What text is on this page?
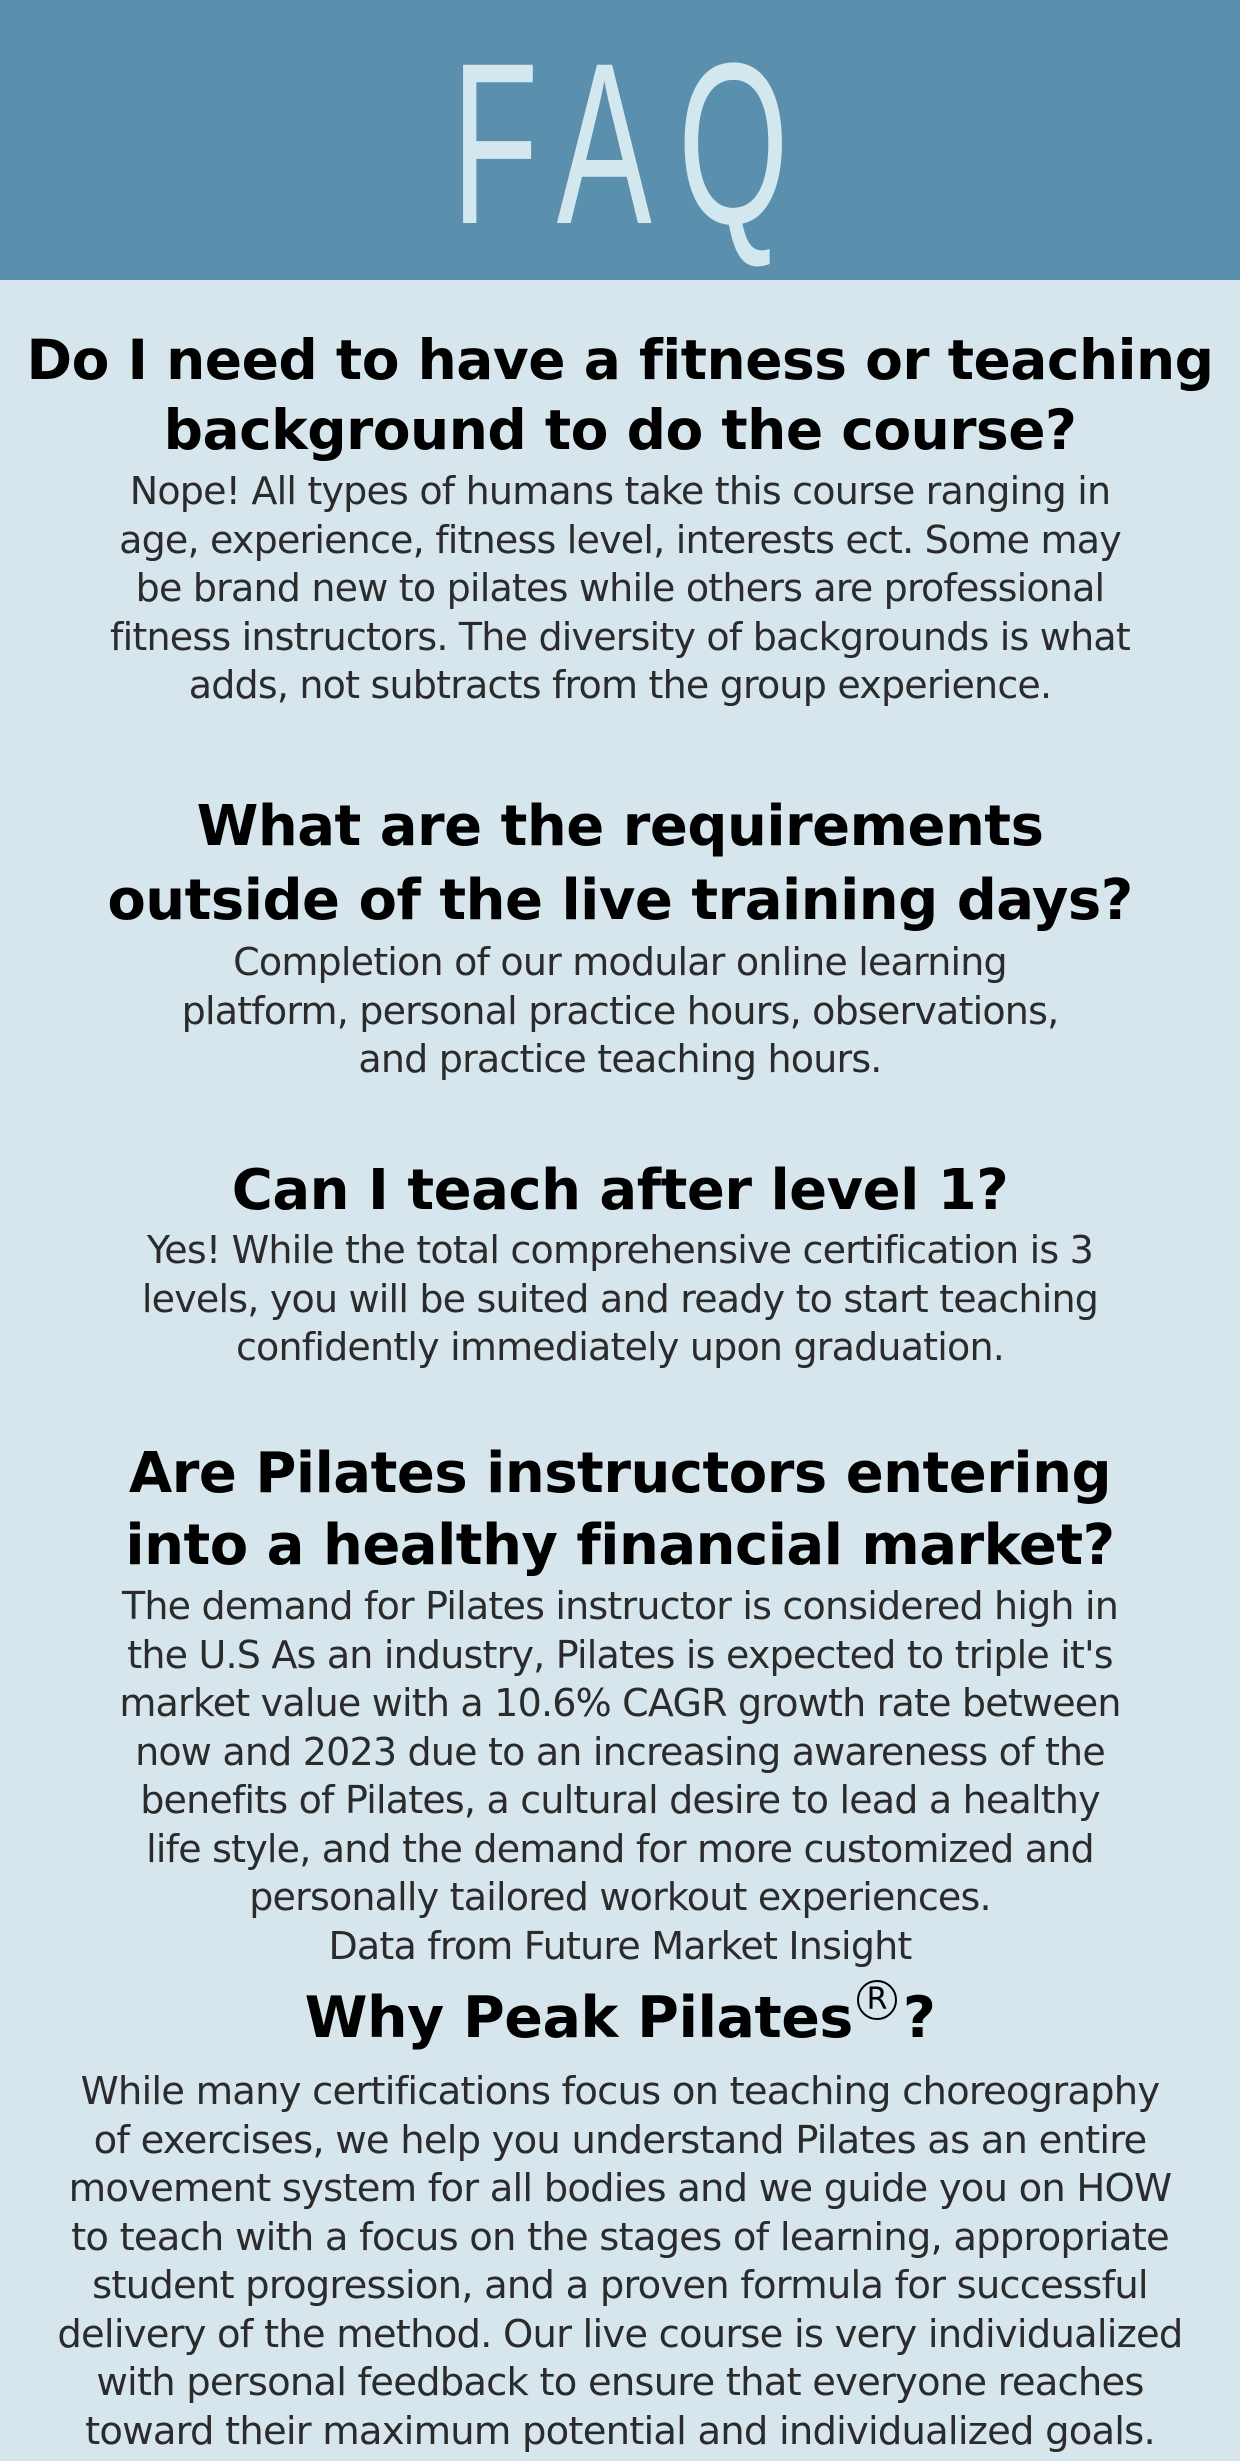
FAQ
Do I need to have a fitness or teaching
background to do the course?
Nope! All types of humans take this course ranging in
age, experience, fitness level, interests ect. Some may
be brand new to pilates while others are professional
fitness instructors. The diversity of backgrounds is what
adds, not subtracts from the group experience.
What are the requirements
outside of the live training days?
Completion of our modular online learning
platform, personal practice hours, observations,
and practice teaching hours.
Can I teach after level 1?
Yes! While the total comprehensive certification is 3
levels, you will be suited and ready to start teaching
confidently immediately upon graduation.
Are Pilates instructors entering
into a healthy financial market?
The demand for Pilates instructor is considered high in
the U.S As an industry, Pilates is expected to triple it's
market value with a 10.6% CAGR growth rate between
now and 2023 due to an increasing awareness of the
benefits of Pilates, a cultural desire to lead a healthy
life style, and the demand for more customized and
personally tailored workout experiences.
Data from Future Market Insight
Why Peak Pilates R ?
While many certifications focus on teaching choreography
of exercises, we help you understand Pilates as an entire
movement system for all bodies and we guide you on HOW
to teach with a focus on the stages of learning, appropriate
student progression, and a proven formula for successful
delivery of the method. Our live course is very individualized
with personal feedback to ensure that everyone reaches
toward their maximum potential and individualized goals.
